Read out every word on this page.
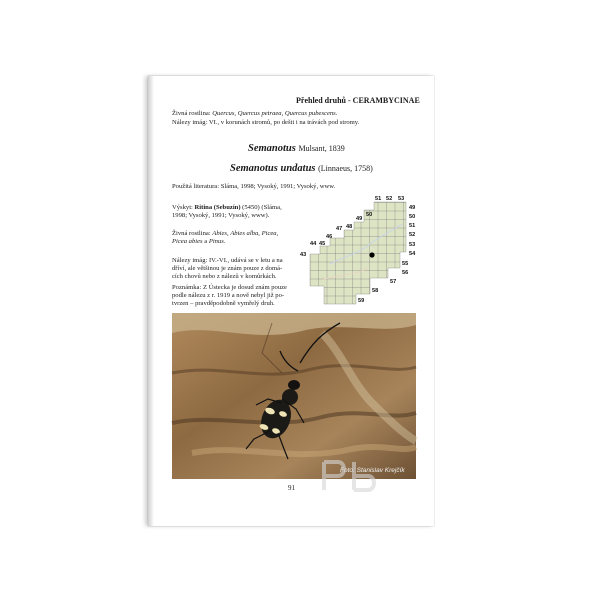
Přehled druhů - CERAMBYCINAE
Živná rostlina: Quercus, Quercus petraea, Quercus pubescens.
Nálezy imág: VI., v korunách stromů, po dešti i na trávách pod stromy.
Semanotus Mulsant, 1839
Semanotus undatus (Linnaeus, 1758)
Použitá literatura: Sláma, 1998; Vysoký, 1991; Vysoký, www.
Výskyt: Ritina (Sebuzín) (5450) (Sláma,
1998; Vysoký, 1991; Vysoký, www).
Živná rostlina: Abies, Abies alba, Picea,
Picea abies a Pinus.
Nálezy imág: IV.-VI., udává se v letu a na
dříví, ale většinou je znám pouze z domá-
cích chovů nebo z nálezů v komůrkách.
Poznámka: Z Ústecka je dosud znám pouze
podle nálezu z r. 1919 a nově nebyl již po-
tvrzen – pravděpodobně vymřelý druh.
51 52 53
49
50
49
50
47 48
46
51
44 45
52
53
43	54
55
56
57
58
59
Foto: Stanislav Krejčík
91
